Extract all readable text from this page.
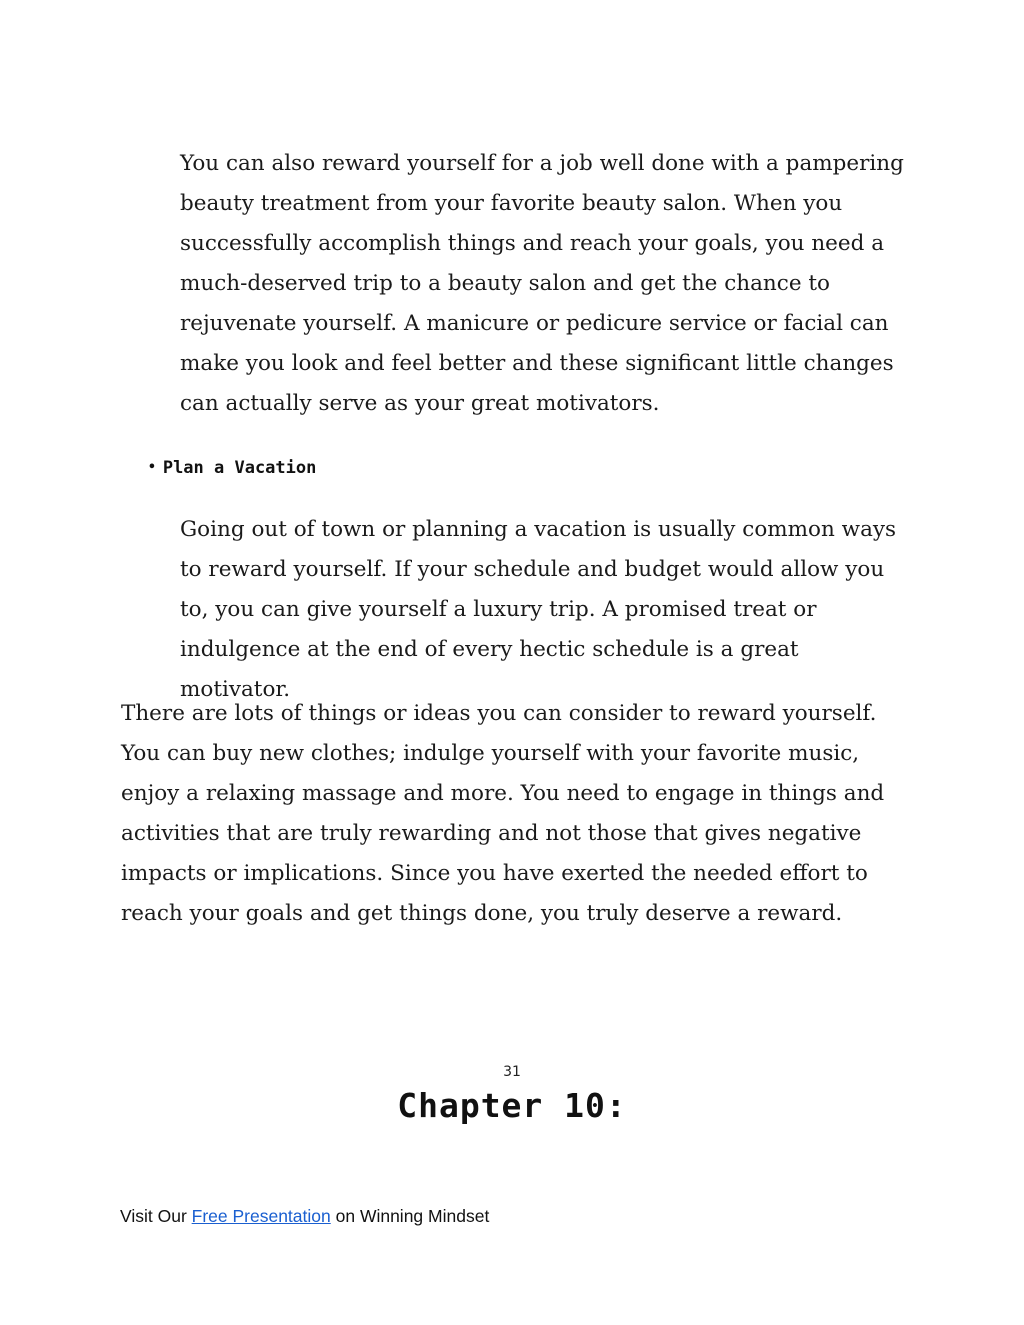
You can also reward yourself for a job well done with a pampering beauty treatment from your favorite beauty salon. When you successfully accomplish things and reach your goals, you need a much-deserved trip to a beauty salon and get the chance to rejuvenate yourself. A manicure or pedicure service or facial can make you look and feel better and these significant little changes can actually serve as your great motivators.

• Plan a Vacation

Going out of town or planning a vacation is usually common ways to reward yourself. If your schedule and budget would allow you to, you can give yourself a luxury trip. A promised treat or indulgence at the end of every hectic schedule is a great motivator.

There are lots of things or ideas you can consider to reward yourself. You can buy new clothes; indulge yourself with your favorite music, enjoy a relaxing massage and more. You need to engage in things and activities that are truly rewarding and not those that gives negative impacts or implications. Since you have exerted the needed effort to reach your goals and get things done, you truly deserve a reward.

31
Chapter 10:
Visit Our Free Presentation on Winning Mindset
